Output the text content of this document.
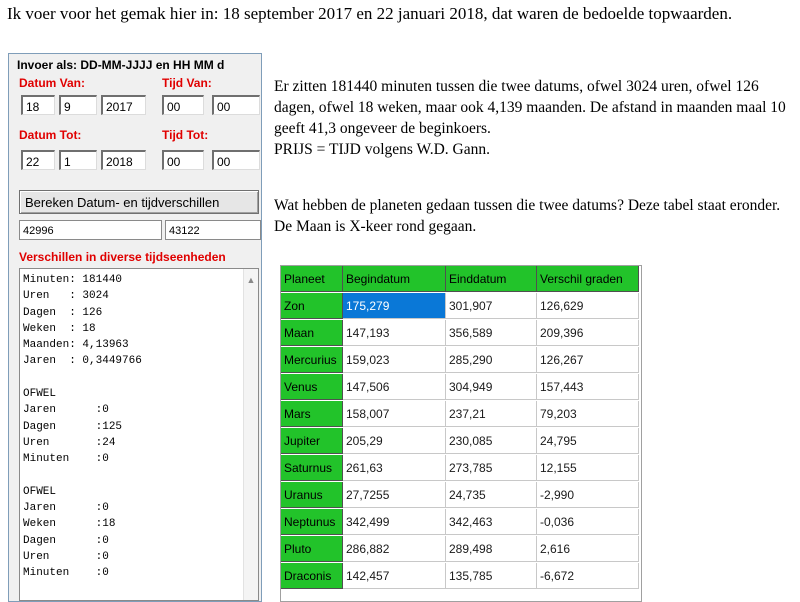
Ik voer voor het gemak hier in: 18 september 2017 en 22 januari 2018, dat waren de bedoelde topwaarden.
Invoer als: DD-MM-JJJJ en HH MM d
Datum Van:	Tijd Van:
18	9	2017	00	00
Datum Tot:	Tijd Tot:
22	1	2018	00	00
Bereken Datum- en tijdverschillen
42996	43122
Verschillen in diverse tijdseenheden
Minuten: 181440
Uren   : 3024
Dagen  : 126
Weken  : 18
Maanden: 4,13963
Jaren  : 0,3449766

OFWEL
Jaren      :0
Dagen      :125
Uren       :24
Minuten    :0

OFWEL
Jaren      :0
Weken      :18
Dagen      :0
Uren       :0
Minuten    :0
▲
Er zitten 181440 minuten tussen die twee datums, ofwel 3024 uren, ofwel 126 dagen, ofwel 18 weken, maar ook 4,139 maanden. De afstand in maanden maal 10 geeft 41,3 ongeveer de beginkoers.
PRIJS = TIJD volgens W.D. Gann.
Wat hebben de planeten gedaan tussen die twee datums? Deze tabel staat eronder. De Maan is X-keer rond gegaan.
Planeet	Begindatum	Einddatum	Verschil graden
Zon	175,279	301,907	126,629
Maan	147,193	356,589	209,396
Mercurius 159,023	285,290	126,267
Venus	147,506	304,949	157,443
Mars	158,007	237,21	79,203
Jupiter	205,29	230,085	24,795
Saturnus	261,63	273,785	12,155
Uranus	27,7255	24,735	-2,990
Neptunus 342,499	342,463	-0,036
Pluto	286,882	289,498	2,616
Draconis	142,457	135,785	-6,672
